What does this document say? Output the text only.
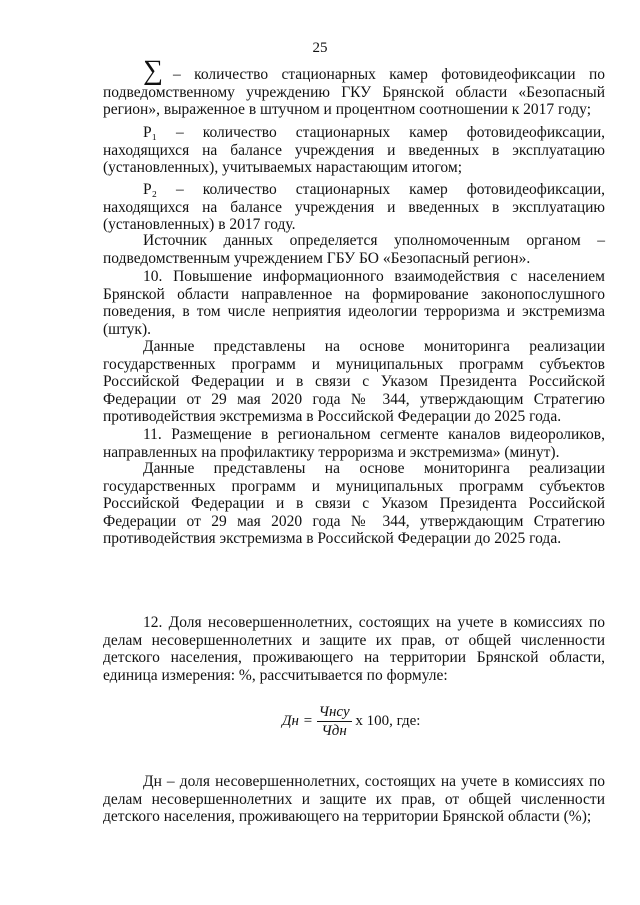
25
∑ – количество стационарных камер фотовидеофиксации по подведомственному учреждению ГКУ Брянской области «Безопасный регион», выраженное в штучном и процентном соотношении к 2017 году;

Р₁ – количество стационарных камер фотовидеофиксации, находящихся на балансе учреждения и введенных в эксплуатацию (установленных), учитываемых нарастающим итогом;

Р₂ – количество стационарных камер фотовидеофиксации, находящихся на балансе учреждения и введенных в эксплуатацию (установленных) в 2017 году.

Источник данных определяется уполномоченным органом – подведомственным учреждением ГБУ БО «Безопасный регион».

10. Повышение информационного взаимодействия с населением Брянской области направленное на формирование законопослушного поведения, в том числе неприятия идеологии терроризма и экстремизма (штук).

Данные представлены на основе мониторинга реализации государственных программ и муниципальных программ субъектов Российской Федерации и в связи с Указом Президента Российской Федерации от 29 мая 2020 года № 344, утверждающим Стратегию противодействия экстремизма в Российской Федерации до 2025 года.

11. Размещение в региональном сегменте каналов видеороликов, направленных на профилактику терроризма и экстремизма» (минут).

Данные представлены на основе мониторинга реализации государственных программ и муниципальных программ субъектов Российской Федерации и в связи с Указом Президента Российской Федерации от 29 мая 2020 года № 344, утверждающим Стратегию противодействия экстремизма в Российской Федерации до 2025 года.

12. Доля несовершеннолетних, состоящих на учете в комиссиях по делам несовершеннолетних и защите их прав, от общей численности детского населения, проживающего на территории Брянской области, единица измерения: %, рассчитывается по формуле:

Дн = $\frac{\text{Чнсу}}{\text{Чдн}}$ х 100, где:

Дн – доля несовершеннолетних, состоящих на учете в комиссиях по делам несовершеннолетних и защите их прав, от общей численности детского населения, проживающего на территории Брянской области (%);
